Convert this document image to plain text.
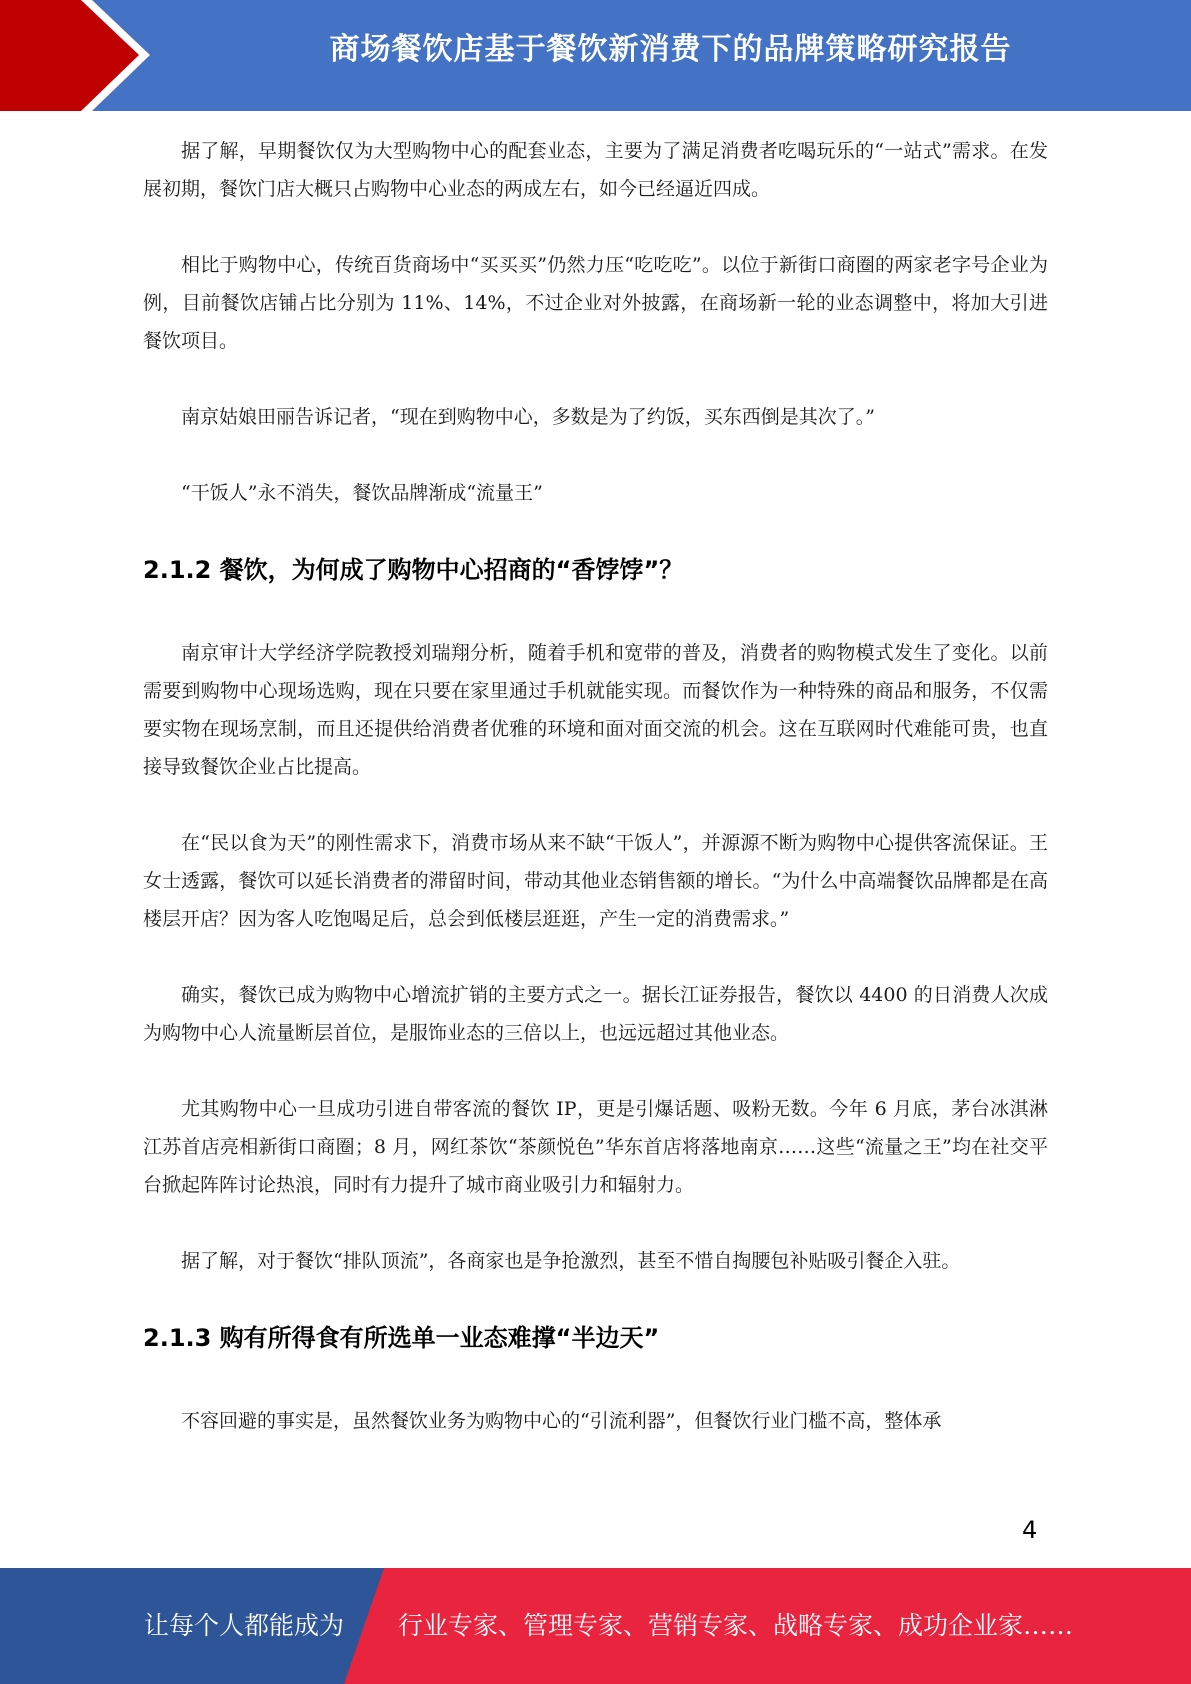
商场餐饮店基于餐饮新消费下的品牌策略研究报告

据了解，早期餐饮仅为大型购物中心的配套业态，主要为了满足消费者吃喝玩乐的“一站式”需求。在发展初期，餐饮门店大概只占购物中心业态的两成左右，如今已经逼近四成。

相比于购物中心，传统百货商场中“买买买”仍然力压“吃吃吃”。以位于新街口商圈的两家老字号企业为例，目前餐饮店铺占比分别为 11%、14%，不过企业对外披露，在商场新一轮的业态调整中，将加大引进餐饮项目。

南京姑娘田丽告诉记者，“现在到购物中心，多数是为了约饭，买东西倒是其次了。”

“干饭人”永不消失，餐饮品牌渐成“流量王”

2.1.2 餐饮，为何成了购物中心招商的“香饽饽”？

南京审计大学经济学院教授刘瑞翔分析，随着手机和宽带的普及，消费者的购物模式发生了变化。以前需要到购物中心现场选购，现在只要在家里通过手机就能实现。而餐饮作为一种特殊的商品和服务，不仅需要实物在现场烹制，而且还提供给消费者优雅的环境和面对面交流的机会。这在互联网时代难能可贵，也直接导致餐饮企业占比提高。

在“民以食为天”的刚性需求下，消费市场从来不缺“干饭人”，并源源不断为购物中心提供客流保证。王女士透露，餐饮可以延长消费者的滞留时间，带动其他业态销售额的增长。“为什么中高端餐饮品牌都是在高楼层开店？因为客人吃饱喝足后，总会到低楼层逛逛，产生一定的消费需求。”

确实，餐饮已成为购物中心增流扩销的主要方式之一。据长江证券报告，餐饮以 4400 的日消费人次成为购物中心人流量断层首位，是服饰业态的三倍以上，也远远超过其他业态。

尤其购物中心一旦成功引进自带客流的餐饮 IP，更是引爆话题、吸粉无数。今年 6 月底，茅台冰淇淋江苏首店亮相新街口商圈；8 月，网红茶饮“茶颜悦色”华东首店将落地南京……这些“流量之王”均在社交平台掀起阵阵讨论热浪，同时有力提升了城市商业吸引力和辐射力。

据了解，对于餐饮“排队顶流”，各商家也是争抢激烈，甚至不惜自掏腰包补贴吸引餐企入驻。

2.1.3 购有所得食有所选单一业态难撑“半边天”

不容回避的事实是，虽然餐饮业务为购物中心的“引流利器”，但餐饮行业门槛不高，整体承

4
让每个人都能成为 行业专家、管理专家、营销专家、战略专家、成功企业家……
